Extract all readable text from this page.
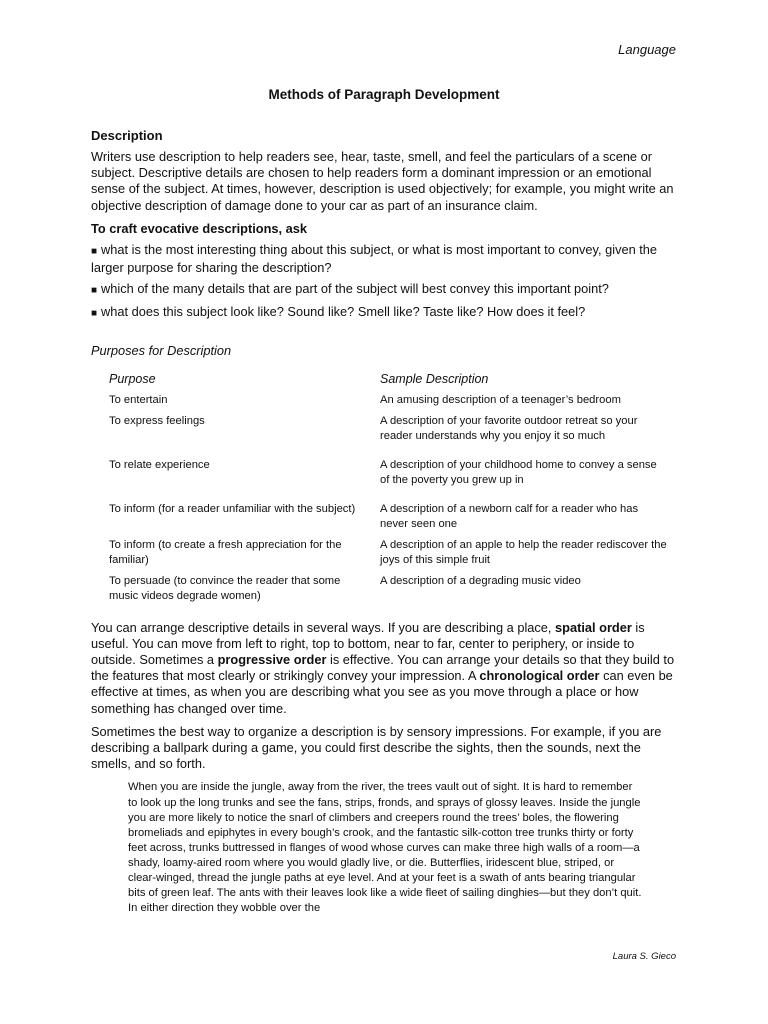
Language
Methods of Paragraph Development
Description

Writers use description to help readers see, hear, taste, smell, and feel the particulars of a scene or subject. Descriptive details are chosen to help readers form a dominant impression or an emotional sense of the subject. At times, however, description is used objectively; for example, you might write an objective description of damage done to your car as part of an insurance claim.

To craft evocative descriptions, ask

■ what is the most interesting thing about this subject, or what is most important to convey, given the larger purpose for sharing the description?

■ which of the many details that are part of the subject will best convey this important point?

■ what does this subject look like? Sound like? Smell like? Taste like? How does it feel?

Purposes for Description
Purpose	Sample Description
To entertain	An amusing description of a teenager’s bedroom
To express feelings	A description of your favorite outdoor retreat so your reader understands why you enjoy it so much
To relate experience	A description of your childhood home to convey a sense of the poverty you grew up in
To inform (for a reader unfamiliar with the subject)	A description of a newborn calf for a reader who has never seen one
To inform (to create a fresh appreciation for the familiar)	A description of an apple to help the reader rediscover the joys of this simple fruit
To persuade (to convince the reader that some music videos degrade women)	A description of a degrading music video

You can arrange descriptive details in several ways. If you are describing a place, spatial order is useful. You can move from left to right, top to bottom, near to far, center to periphery, or inside to outside. Sometimes a progressive order is effective. You can arrange your details so that they build to the features that most clearly or strikingly convey your impression. A chronological order can even be effective at times, as when you are describing what you see as you move through a place or how something has changed over time.

Sometimes the best way to organize a description is by sensory impressions. For example, if you are describing a ballpark during a game, you could first describe the sights, then the sounds, next the smells, and so forth.

When you are inside the jungle, away from the river, the trees vault out of sight. It is hard to remember to look up the long trunks and see the fans, strips, fronds, and sprays of glossy leaves. Inside the jungle you are more likely to notice the snarl of climbers and creepers round the trees’ boles, the flowering bromeliads and epiphytes in every bough’s crook, and the fantastic silk-cotton tree trunks thirty or forty feet across, trunks buttressed in flanges of wood whose curves can make three high walls of a room—a shady, loamy-aired room where you would gladly live, or die. Butterflies, iridescent blue, striped, or clear-winged, thread the jungle paths at eye level. And at your feet is a swath of ants bearing triangular bits of green leaf. The ants with their leaves look like a wide fleet of sailing dinghies—but they don’t quit. In either direction they wobble over the
Laura S. Gieco
